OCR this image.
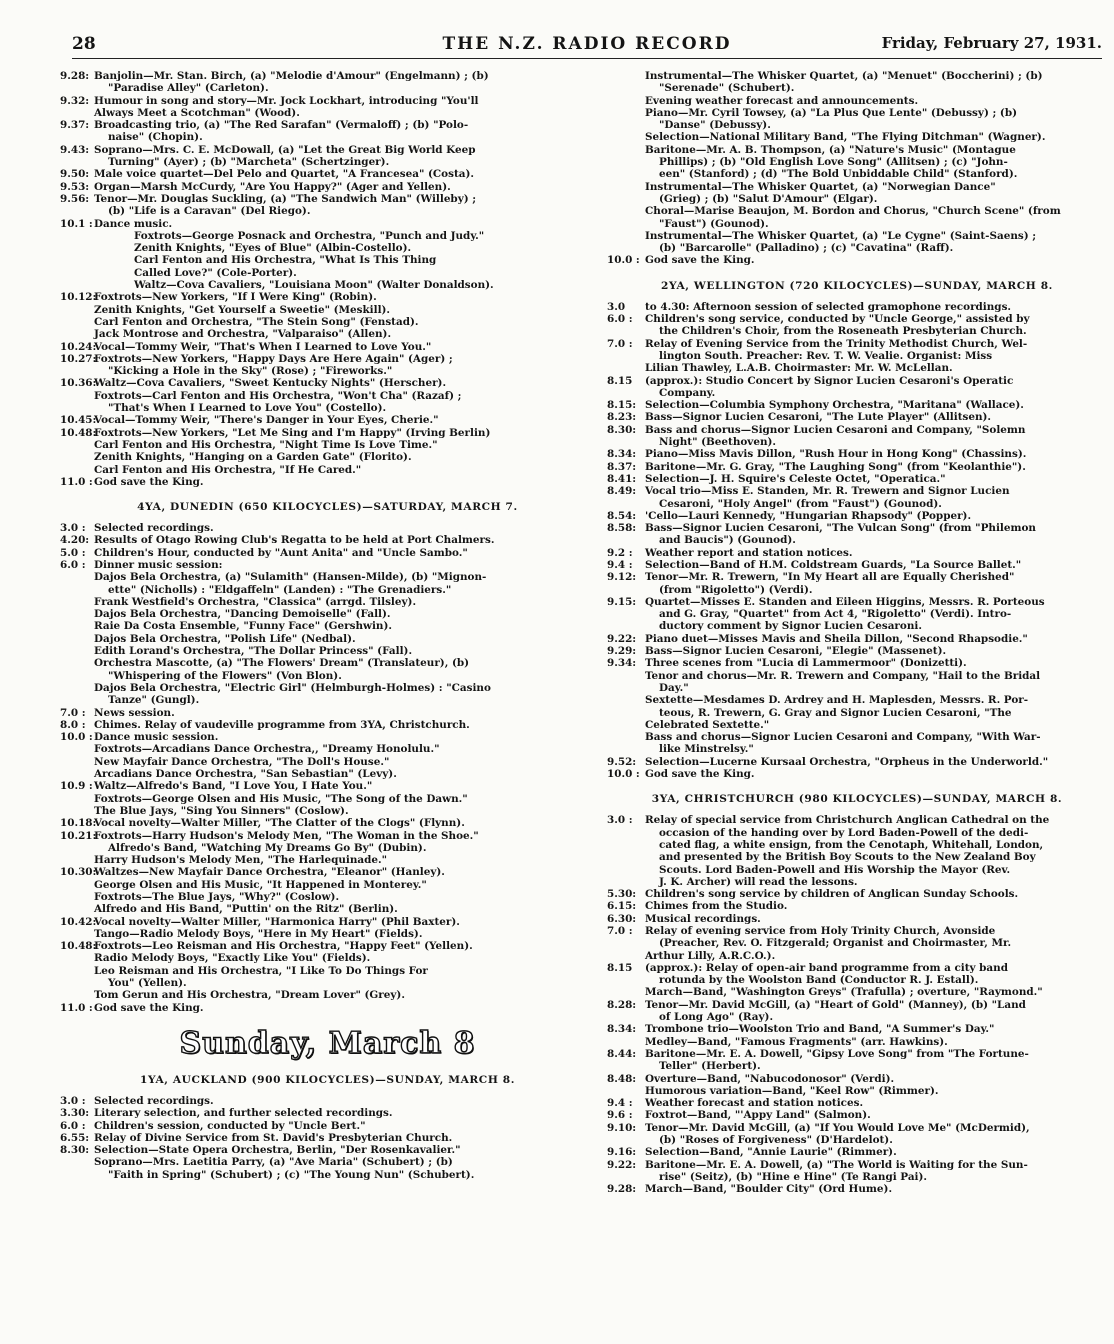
28	THE N.Z. RADIO RECORD	Friday, February 27, 1931.
9.28: Banjolin—Mr. Stan. Birch, (a) "Melodie d'Amour" (Engelmann) ; (b)
"Paradise Alley" (Carleton).
9.32: Humour in song and story—Mr. Jock Lockhart, introducing "You'll
Always Meet a Scotchman" (Wood).
9.37: Broadcasting trio, (a) "The Red Sarafan" (Vermaloff) ; (b) "Polo-
naise" (Chopin).
9.43: Soprano—Mrs. C. E. McDowall, (a) "Let the Great Big World Keep
Turning" (Ayer) ; (b) "Marcheta" (Schertzinger).
9.50: Male voice quartet—Del Pelo and Quartet, "A Francesea" (Costa).
9.53: Organ—Marsh McCurdy, "Are You Happy?" (Ager and Yellen).
9.56: Tenor—Mr. Douglas Suckling, (a) "The Sandwich Man" (Willeby) ;
(b) "Life is a Caravan" (Del Riego).
10.1 : Dance music.
Foxtrots—George Posnack and Orchestra, "Punch and Judy."
Zenith Knights, "Eyes of Blue" (Albin-Costello).
Carl Fenton and His Orchestra, "What Is This Thing
Called Love?" (Cole-Porter).
Waltz—Cova Cavaliers, "Louisiana Moon" (Walter Donaldson).
10.12:
Foxtrots—New Yorkers, "If I Were King" (Robin).
Zenith Knights, "Get Yourself a Sweetie" (Meskill).
Carl Fenton and Orchestra, "The Stein Song" (Fenstad).
Jack Montrose and Orchestra, "Valparaiso" (Allen).
10.24:
Vocal—Tommy Weir, "That's When I Learned to Love You."
10.27:
Foxtrots—New Yorkers, "Happy Days Are Here Again" (Ager) ;
"Kicking a Hole in the Sky" (Rose) ; "Fireworks."
10.36:
Waltz—Cova Cavaliers, "Sweet Kentucky Nights" (Herscher).
Foxtrots—Carl Fenton and His Orchestra, "Won't Cha" (Razaf) ;
"That's When I Learned to Love You" (Costello).
10.45:
Vocal—Tommy Weir, "There's Danger in Your Eyes, Cherie."
10.48:
Foxtrots—New Yorkers, "Let Me Sing and I'm Happy" (Irving Berlin)
Carl Fenton and His Orchestra, "Night Time Is Love Time."
Zenith Knights, "Hanging on a Garden Gate" (Florito).
Carl Fenton and His Orchestra, "If He Cared."
11.0 : God save the King.
4YA, DUNEDIN (650 KILOCYCLES)—SATURDAY, MARCH 7.
3.0 : Selected recordings.
4.20: Results of Otago Rowing Club's Regatta to be held at Port Chalmers.
5.0 : Children's Hour, conducted by "Aunt Anita" and "Uncle Sambo."
6.0 : Dinner music session:
Dajos Bela Orchestra, (a) "Sulamith" (Hansen-Milde), (b) "Mignon-
ette" (Nicholls) : "Eldgaffeln" (Landen) : "The Grenadiers."
Frank Westfield's Orchestra, "Classica" (arrgd. Tilsley).
Dajos Bela Orchestra, "Dancing Demoiselle" (Fall).
Raie Da Costa Ensemble, "Funny Face" (Gershwin).
Dajos Bela Orchestra, "Polish Life" (Nedbal).
Edith Lorand's Orchestra, "The Dollar Princess" (Fall).
Orchestra Mascotte, (a) "The Flowers' Dream" (Translateur), (b)
"Whispering of the Flowers" (Von Blon).
Dajos Bela Orchestra, "Electric Girl" (Helmburgh-Holmes) : "Casino
Tanze" (Gungl).
7.0 : News session.
8.0 : Chimes. Relay of vaudeville programme from 3YA, Christchurch.
10.0 : Dance music session.
Foxtrots—Arcadians Dance Orchestra,, "Dreamy Honolulu."
New Mayfair Dance Orchestra, "The Doll's House."
Arcadians Dance Orchestra, "San Sebastian" (Levy).
10.9 : Waltz—Alfredo's Band, "I Love You, I Hate You."
Foxtrots—George Olsen and His Music, "The Song of the Dawn."
The Blue Jays, "Sing You Sinners" (Coslow).
10.18:
Vocal novelty—Walter Miller, "The Clatter of the Clogs" (Flynn).
10.21:
Foxtrots—Harry Hudson's Melody Men, "The Woman in the Shoe."
Alfredo's Band, "Watching My Dreams Go By" (Dubin).
Harry Hudson's Melody Men, "The Harlequinade."
10.30:
Waltzes—New Mayfair Dance Orchestra, "Eleanor" (Hanley).
George Olsen and His Music, "It Happened in Monterey."
Foxtrots—The Blue Jays, "Why?" (Coslow).
Alfredo and His Band, "Puttin' on the Ritz" (Berlin).
10.42:
Vocal novelty—Walter Miller, "Harmonica Harry" (Phil Baxter).
Tango—Radio Melody Boys, "Here in My Heart" (Fields).
10.48:
Foxtrots—Leo Reisman and His Orchestra, "Happy Feet" (Yellen).
Radio Melody Boys, "Exactly Like You" (Fields).
Leo Reisman and His Orchestra, "I Like To Do Things For
You" (Yellen).
Tom Gerun and His Orchestra, "Dream Lover" (Grey).
11.0 : God save the King.
Sunday, March 8
1YA, AUCKLAND (900 KILOCYCLES)—SUNDAY, MARCH 8.
3.0 : Selected recordings.
3.30: Literary selection, and further selected recordings.
6.0 : Children's session, conducted by "Uncle Bert."
6.55: Relay of Divine Service from St. David's Presbyterian Church.
8.30: Selection—State Opera Orchestra, Berlin, "Der Rosenkavalier."
Soprano—Mrs. Laetitia Parry, (a) "Ave Maria" (Schubert) ; (b)
"Faith in Spring" (Schubert) ; (c) "The Young Nun" (Schubert).
Instrumental—The Whisker Quartet, (a) "Menuet" (Boccherini) ; (b)
"Serenade" (Schubert).
Evening weather forecast and announcements.
Piano—Mr. Cyril Towsey, (a) "La Plus Que Lente" (Debussy) ; (b)
"Danse" (Debussy).
Selection—National Military Band, "The Flying Ditchman" (Wagner).
Baritone—Mr. A. B. Thompson, (a) "Nature's Music" (Montague
Phillips) ; (b) "Old English Love Song" (Allitsen) ; (c) "John-
een" (Stanford) ; (d) "The Bold Unbiddable Child" (Stanford).
Instrumental—The Whisker Quartet, (a) "Norwegian Dance"
(Grieg) ; (b) "Salut D'Amour" (Elgar).
Choral—Marise Beaujon, M. Bordon and Chorus, "Church Scene" (from
"Faust") (Gounod).
Instrumental—The Whisker Quartet, (a) "Le Cygne" (Saint-Saens) ;
(b) "Barcarolle" (Palladino) ; (c) "Cavatina" (Raff).
10.0 : God save the King.
2YA, WELLINGTON (720 KILOCYCLES)—SUNDAY, MARCH 8.
3.0	to 4.30: Afternoon session of selected gramophone recordings.
6.0 :	Children's song service, conducted by "Uncle George," assisted by
the Children's Choir, from the Roseneath Presbyterian Church.
7.0 :	Relay of Evening Service from the Trinity Methodist Church, Wel-
lington South. Preacher: Rev. T. W. Vealie. Organist: Miss
Lilian Thawley, L.A.B. Choirmaster: Mr. W. McLellan.
8.15	(approx.): Studio Concert by Signor Lucien Cesaroni's Operatic
Company.
8.15: Selection—Columbia Symphony Orchestra, "Maritana" (Wallace).
8.23: Bass—Signor Lucien Cesaroni, "The Lute Player" (Allitsen).
8.30: Bass and chorus—Signor Lucien Cesaroni and Company, "Solemn
Night" (Beethoven).
8.34: Piano—Miss Mavis Dillon, "Rush Hour in Hong Kong" (Chassins).
8.37: Baritone—Mr. G. Gray, "The Laughing Song" (from "Keolanthie").
8.41: Selection—J. H. Squire's Celeste Octet, "Operatica."
8.49: Vocal trio—Miss E. Standen, Mr. R. Trewern and Signor Lucien
Cesaroni, "Holy Angel" (from "Faust") (Gounod).
8.54: 'Cello—Lauri Kennedy, "Hungarian Rhapsody" (Popper).
8.58: Bass—Signor Lucien Cesaroni, "The Vulcan Song" (from "Philemon
and Baucis") (Gounod).
9.2 :	Weather report and station notices.
9.4 :	Selection—Band of H.M. Coldstream Guards, "La Source Ballet."
9.12: Tenor—Mr. R. Trewern, "In My Heart all are Equally Cherished"
(from "Rigoletto") (Verdi).
9.15: Quartet—Misses E. Standen and Eileen Higgins, Messrs. R. Porteous
and G. Gray, "Quartet" from Act 4, "Rigoletto" (Verdi). Intro-
ductory comment by Signor Lucien Cesaroni.
9.22: Piano duet—Misses Mavis and Sheila Dillon, "Second Rhapsodie."
9.29: Bass—Signor Lucien Cesaroni, "Elegie" (Massenet).
9.34: Three scenes from "Lucia di Lammermoor" (Donizetti).
Tenor and chorus—Mr. R. Trewern and Company, "Hail to the Bridal
Day."
Sextette—Mesdames D. Ardrey and H. Maplesden, Messrs. R. Por-
teous, R. Trewern, G. Gray and Signor Lucien Cesaroni, "The
Celebrated Sextette."
Bass and chorus—Signor Lucien Cesaroni and Company, "With War-
like Minstrelsy."
9.52: Selection—Lucerne Kursaal Orchestra, "Orpheus in the Underworld."
10.0 : God save the King.
3YA, CHRISTCHURCH (980 KILOCYCLES)—SUNDAY, MARCH 8.
3.0 :	Relay of special service from Christchurch Anglican Cathedral on the
occasion of the handing over by Lord Baden-Powell of the dedi-
cated flag, a white ensign, from the Cenotaph, Whitehall, London,
and presented by the British Boy Scouts to the New Zealand Boy
Scouts. Lord Baden-Powell and His Worship the Mayor (Rev.
J. K. Archer) will read the lessons.
5.30: Children's song service by children of Anglican Sunday Schools.
6.15: Chimes from the Studio.
6.30: Musical recordings.
7.0 :	Relay of evening service from Holy Trinity Church, Avonside
(Preacher, Rev. O. Fitzgerald; Organist and Choirmaster, Mr.
Arthur Lilly, A.R.C.O.).
8.15	(approx.): Relay of open-air band programme from a city band
rotunda by the Woolston Band (Conductor R. J. Estall).
March—Band, "Washington Greys" (Trafulla) ; overture, "Raymond."
8.28: Tenor—Mr. David McGill, (a) "Heart of Gold" (Manney), (b) "Land
of Long Ago" (Ray).
8.34: Trombone trio—Woolston Trio and Band, "A Summer's Day."
Medley—Band, "Famous Fragments" (arr. Hawkins).
8.44: Baritone—Mr. E. A. Dowell, "Gipsy Love Song" from "The Fortune-
Teller" (Herbert).
8.48: Overture—Band, "Nabucodonosor" (Verdi).
Humorous variation—Band, "Keel Row" (Rimmer).
9.4 :	Weather forecast and station notices.
9.6 :	Foxtrot—Band, "'Appy Land" (Salmon).
9.10: Tenor—Mr. David McGill, (a) "If You Would Love Me" (McDermid),
(b) "Roses of Forgiveness" (D'Hardelot).
9.16: Selection—Band, "Annie Laurie" (Rimmer).
9.22: Baritone—Mr. E. A. Dowell, (a) "The World is Waiting for the Sun-
rise" (Seitz), (b) "Hine e Hine" (Te Rangi Pai).
9.28: March—Band, "Boulder City" (Ord Hume).
